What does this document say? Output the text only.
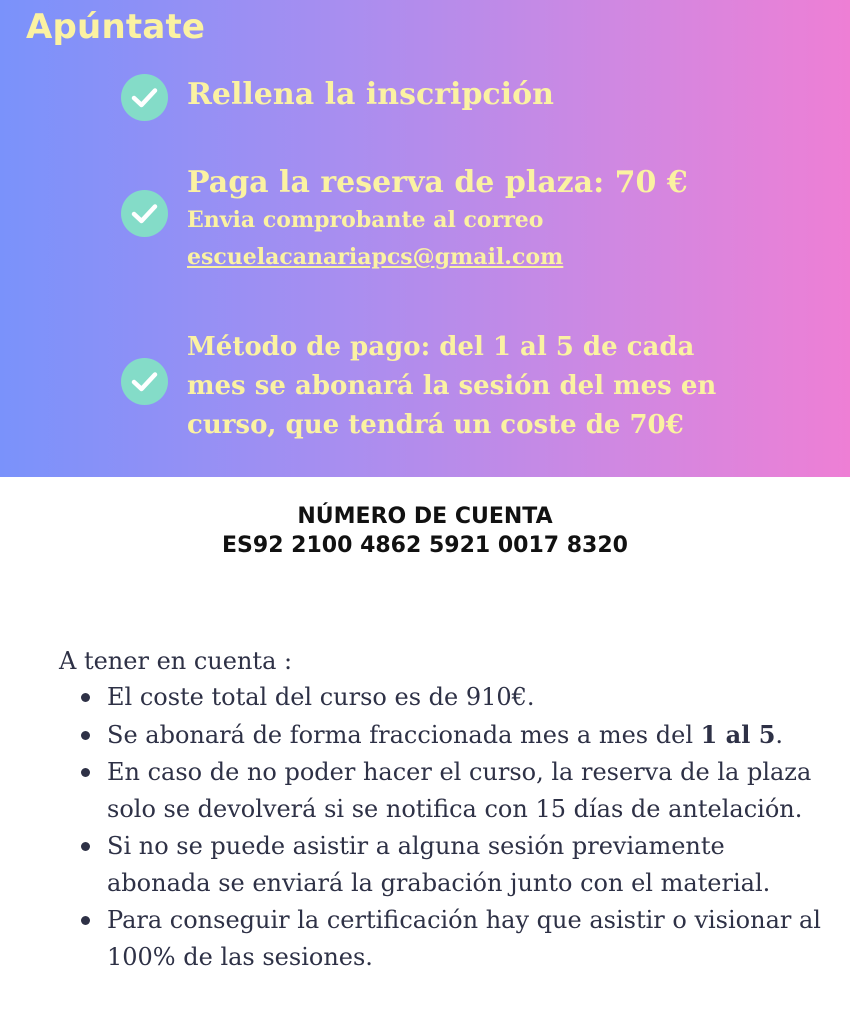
Apúntate
Rellena la inscripción
Paga la reserva de plaza: 70 €
Envia comprobante al correo
escuelacanariapcs@gmail.com
Método de pago: del 1 al 5 de cada mes se abonará la sesión del mes en curso, que tendrá un coste de 70€
NÚMERO DE CUENTA
ES92 2100 4862 5921 0017 8320
A tener en cuenta :
El coste total del curso es de 910€.
Se abonará de forma fraccionada mes a mes del 1 al 5.
En caso de no poder hacer el curso, la reserva de la plaza solo se devolverá si se notifica con 15 días de antelación.
Si no se puede asistir a alguna sesión previamente abonada se enviará la grabación junto con el material.
Para conseguir la certificación hay que asistir o visionar al 100% de las sesiones.
